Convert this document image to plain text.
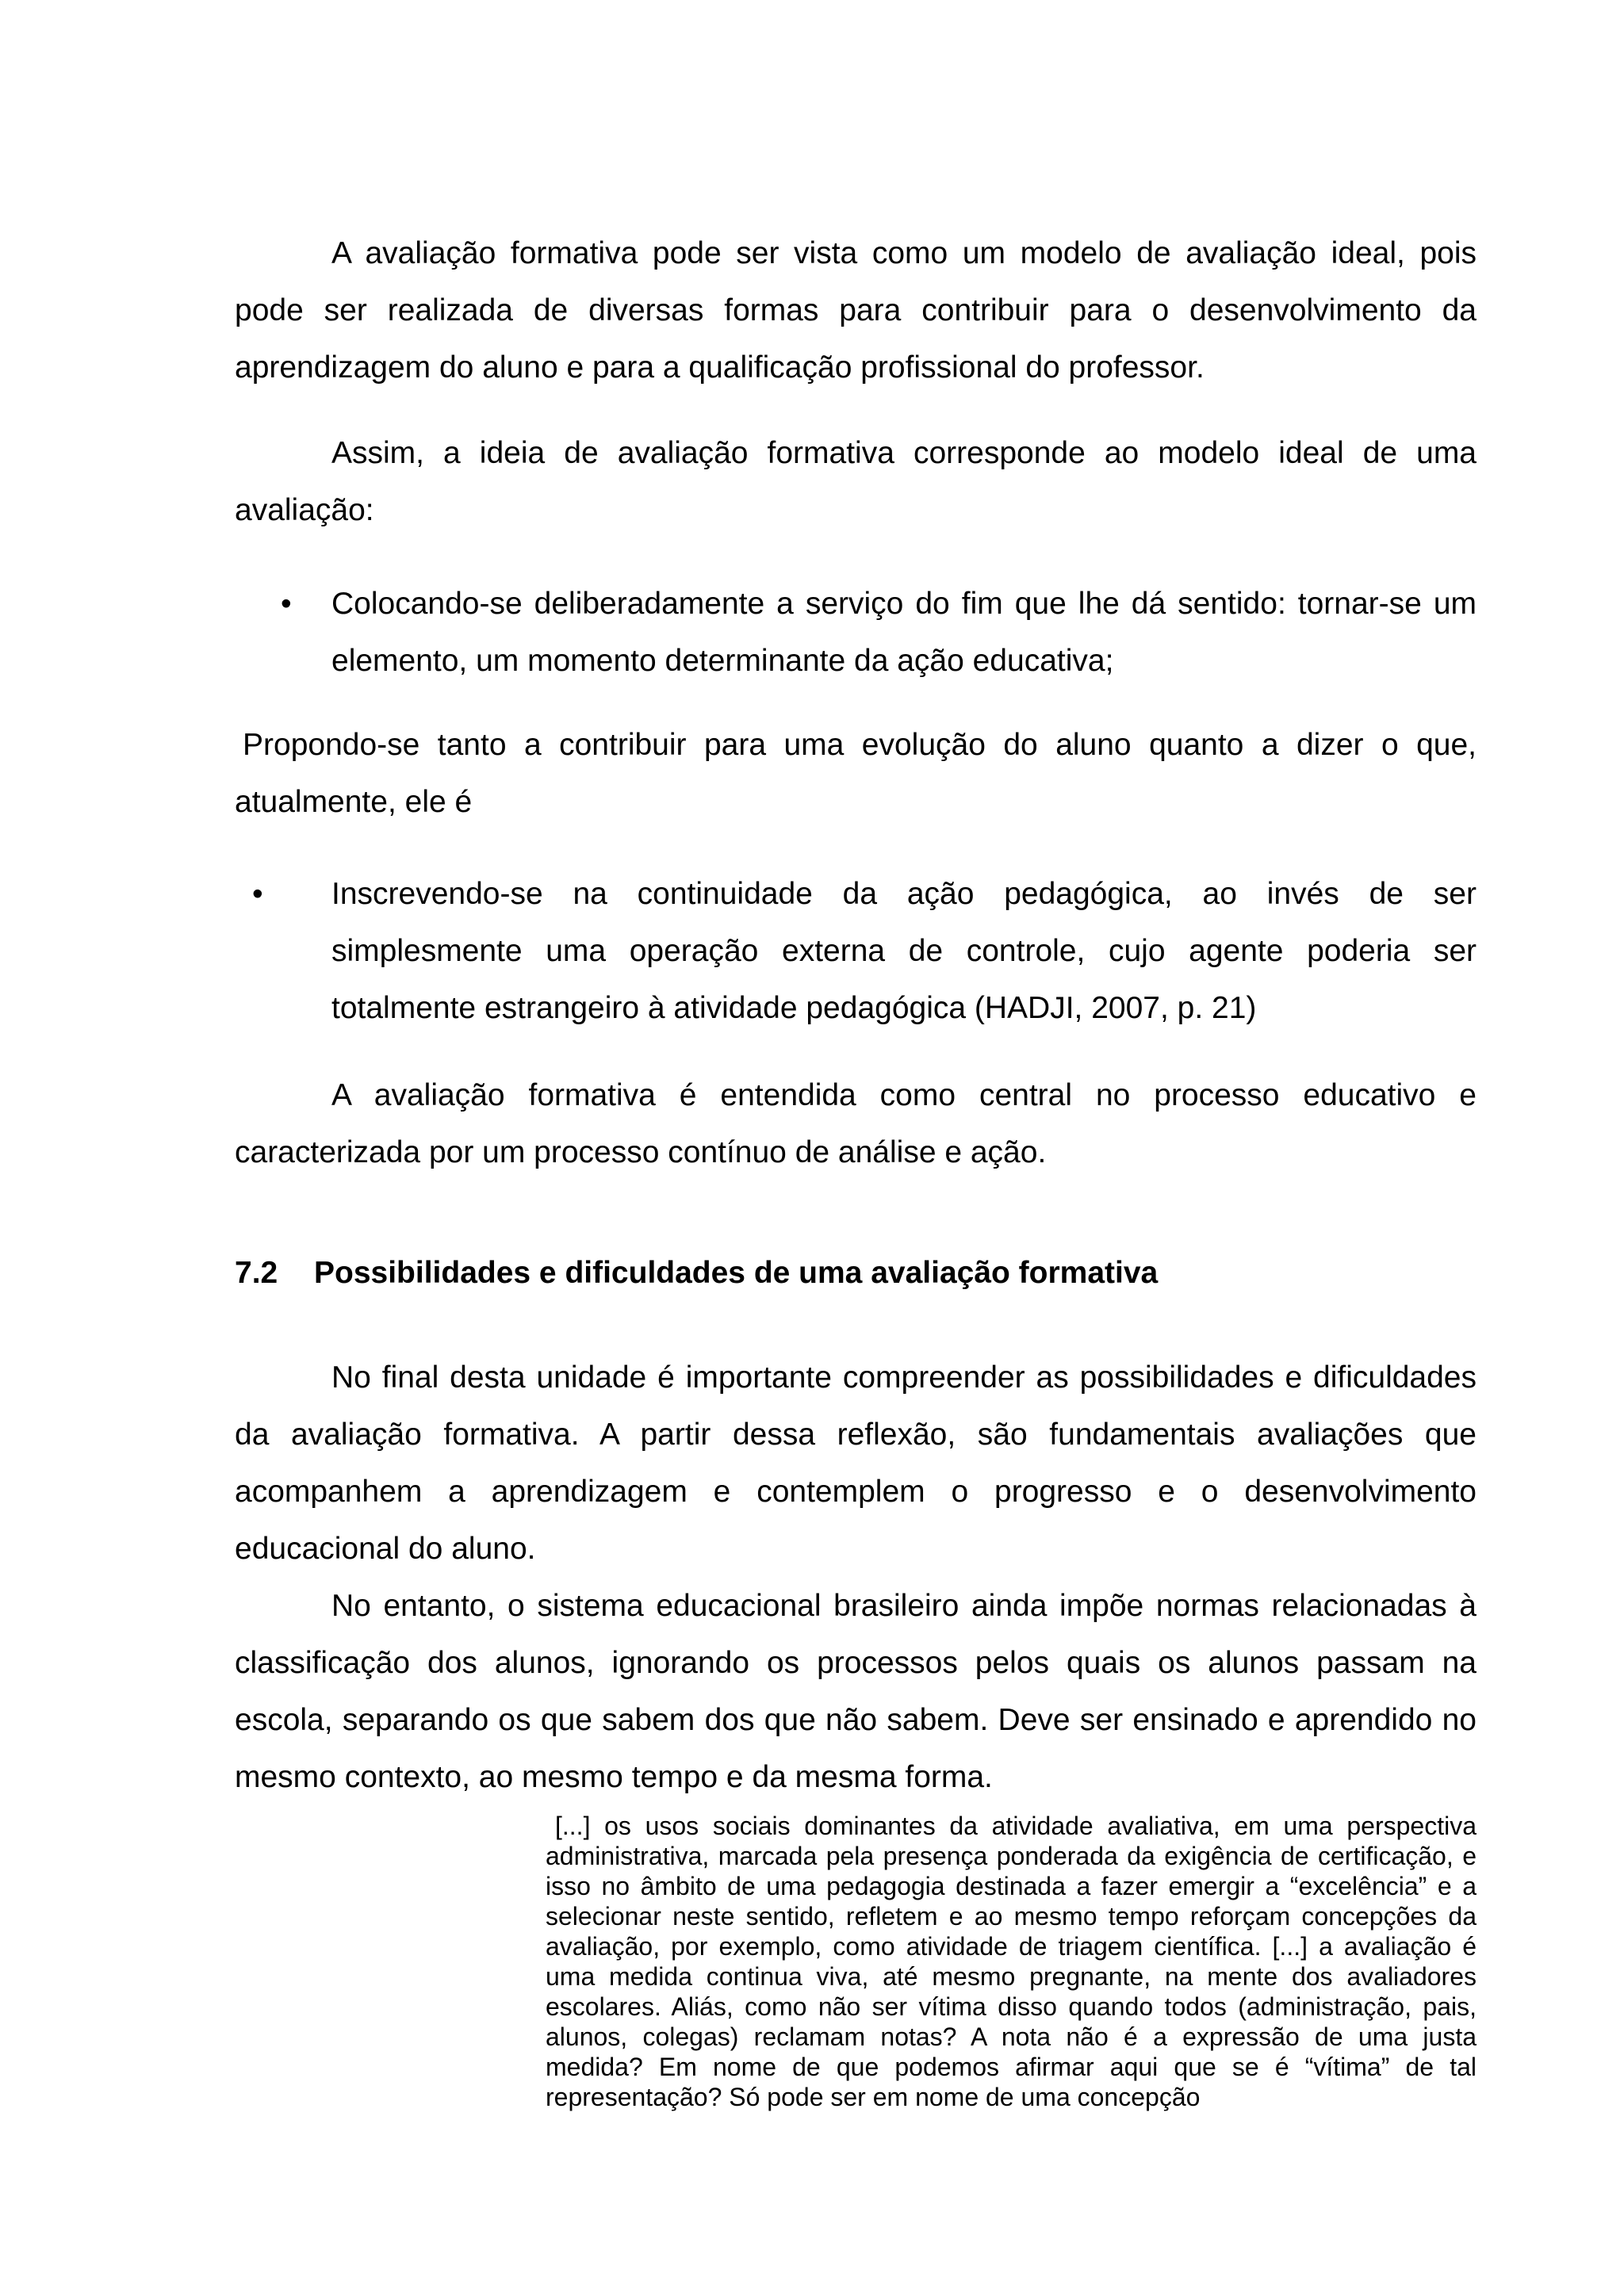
A avaliação formativa pode ser vista como um modelo de avaliação ideal, pois pode ser realizada de diversas formas para contribuir para o desenvolvimento da aprendizagem do aluno e para a qualificação profissional do professor.

Assim, a ideia de avaliação formativa corresponde ao modelo ideal de uma avaliação:

• Colocando-se deliberadamente a serviço do fim que lhe dá sentido: tornar-se um elemento, um momento determinante da ação educativa;

Propondo-se tanto a contribuir para uma evolução do aluno quanto a dizer o que, atualmente, ele é

• Inscrevendo-se na continuidade da ação pedagógica, ao invés de ser simplesmente uma operação externa de controle, cujo agente poderia ser totalmente estrangeiro à atividade pedagógica (HADJI, 2007, p. 21)

A avaliação formativa é entendida como central no processo educativo e caracterizada por um processo contínuo de análise e ação.

7.2 Possibilidades e dificuldades de uma avaliação formativa

No final desta unidade é importante compreender as possibilidades e dificuldades da avaliação formativa. A partir dessa reflexão, são fundamentais avaliações que acompanhem a aprendizagem e contemplem o progresso e o desenvolvimento educacional do aluno.

No entanto, o sistema educacional brasileiro ainda impõe normas relacionadas à classificação dos alunos, ignorando os processos pelos quais os alunos passam na escola, separando os que sabem dos que não sabem. Deve ser ensinado e aprendido no mesmo contexto, ao mesmo tempo e da mesma forma.

[...] os usos sociais dominantes da atividade avaliativa, em uma perspectiva administrativa, marcada pela presença ponderada da exigência de certificação, e isso no âmbito de uma pedagogia destinada a fazer emergir a “excelência” e a selecionar neste sentido, refletem e ao mesmo tempo reforçam concepções da avaliação, por exemplo, como atividade de triagem científica. [...] a avaliação é uma medida continua viva, até mesmo pregnante, na mente dos avaliadores escolares. Aliás, como não ser vítima disso quando todos (administração, pais, alunos, colegas) reclamam notas? A nota não é a expressão de uma justa medida? Em nome de que podemos afirmar aqui que se é “vítima” de tal representação? Só pode ser em nome de uma concepção
